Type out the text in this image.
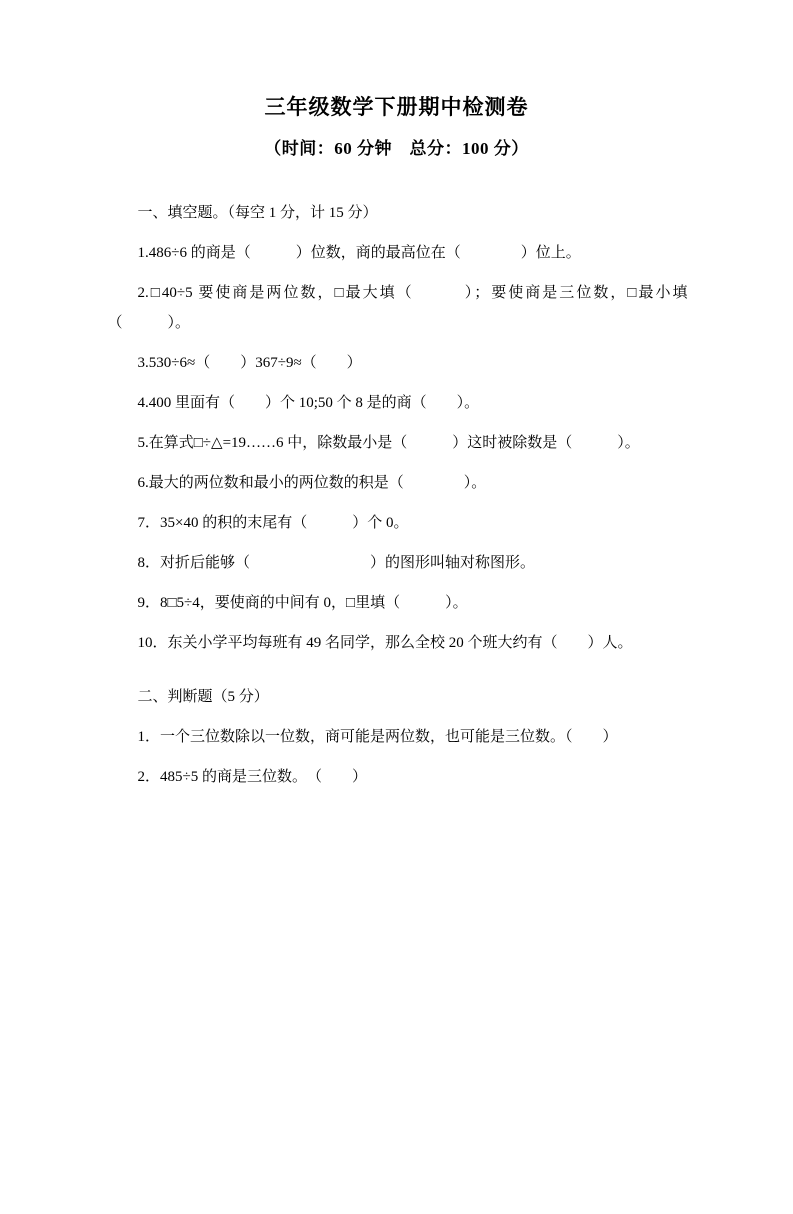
三年级数学下册期中检测卷
（时间：60 分钟　总分：100 分）
一、填空题。（每空 1 分，计 15 分）
1.486÷6 的商是（　　　）位数，商的最高位在（　　　　）位上。
2.□40÷5 要使商是两位数，□最大填（　　　）；要使商是三位数，□最小填（　　　）。
3.530÷6≈（　　）367÷9≈（　　）
4.400 里面有（　　）个 10;50 个 8 是的商（　　）。
5.在算式□÷△=19……6 中，除数最小是（　　　）这时被除数是（　　　）。
6.最大的两位数和最小的两位数的积是（　　　　）。
7．35×40 的积的末尾有（　　　）个 0。
8．对折后能够（　　　　　　　　）的图形叫轴对称图形。
9．8□5÷4，要使商的中间有 0，□里填（　　　）。
10．东关小学平均每班有 49 名同学，那么全校 20 个班大约有（　　）人。
二、判断题（5 分）
1．一个三位数除以一位数，商可能是两位数，也可能是三位数。（　　）
2．485÷5 的商是三位数。　（　　）
